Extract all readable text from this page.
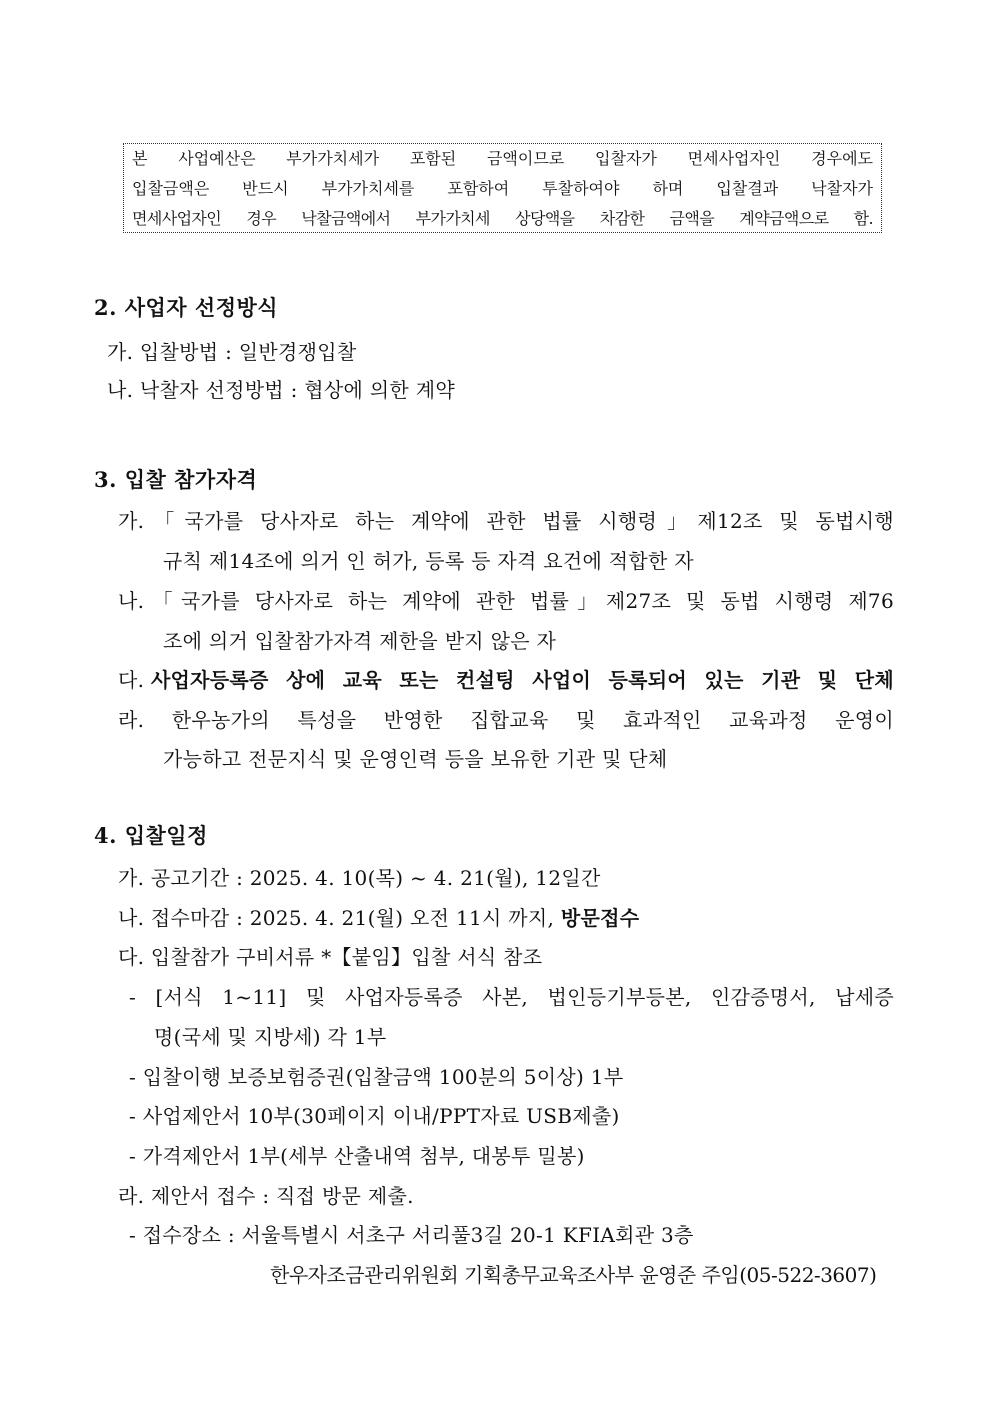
본 사업예산은 부가가치세가 포함된 금액이므로 입찰자가 면세사업자인 경우에도
입찰금액은 반드시 부가가치세를 포함하여 투찰하여야 하며 입찰결과 낙찰자가
면세사업자인 경우 낙찰금액에서 부가가치세 상당액을 차감한 금액을 계약금액으로 함.
2. 사업자 선정방식
가. 입찰방법 : 일반경쟁입찰
나. 낙찰자 선정방법 : 협상에 의한 계약
3. 입찰 참가자격
가.「국가를 당사자로 하는 계약에 관한 법률 시행령」제12조 및 동법시행
규칙 제14조에 의거 인 허가, 등록 등 자격 요건에 적합한 자
나.「국가를 당사자로 하는 계약에 관한 법률」제27조 및 동법 시행령 제76
조에 의거 입찰참가자격 제한을 받지 않은 자
다. 사업자등록증 상에 교육 또는 컨설팅 사업이 등록되어 있는 기관 및 단체
라. 한우농가의 특성을 반영한 집합교육 및 효과적인 교육과정 운영이
가능하고 전문지식 및 운영인력 등을 보유한 기관 및 단체
4. 입찰일정
가. 공고기간 : 2025. 4. 10(목) ~ 4. 21(월), 12일간
나. 접수마감 : 2025. 4. 21(월) 오전 11시 까지, 방문접수
다. 입찰참가 구비서류 *【붙임】입찰 서식 참조
- [서식 1~11] 및 사업자등록증 사본, 법인등기부등본, 인감증명서, 납세증
명(국세 및 지방세) 각 1부
- 입찰이행 보증보험증권(입찰금액 100분의 5이상) 1부
- 사업제안서 10부(30페이지 이내/PPT자료 USB제출)
- 가격제안서 1부(세부 산출내역 첨부, 대봉투 밀봉)
라. 제안서 접수 : 직접 방문 제출.
- 접수장소 : 서울특별시 서초구 서리풀3길 20-1 KFIA회관 3층
한우자조금관리위원회 기획총무교육조사부 윤영준 주임(05-522-3607)
